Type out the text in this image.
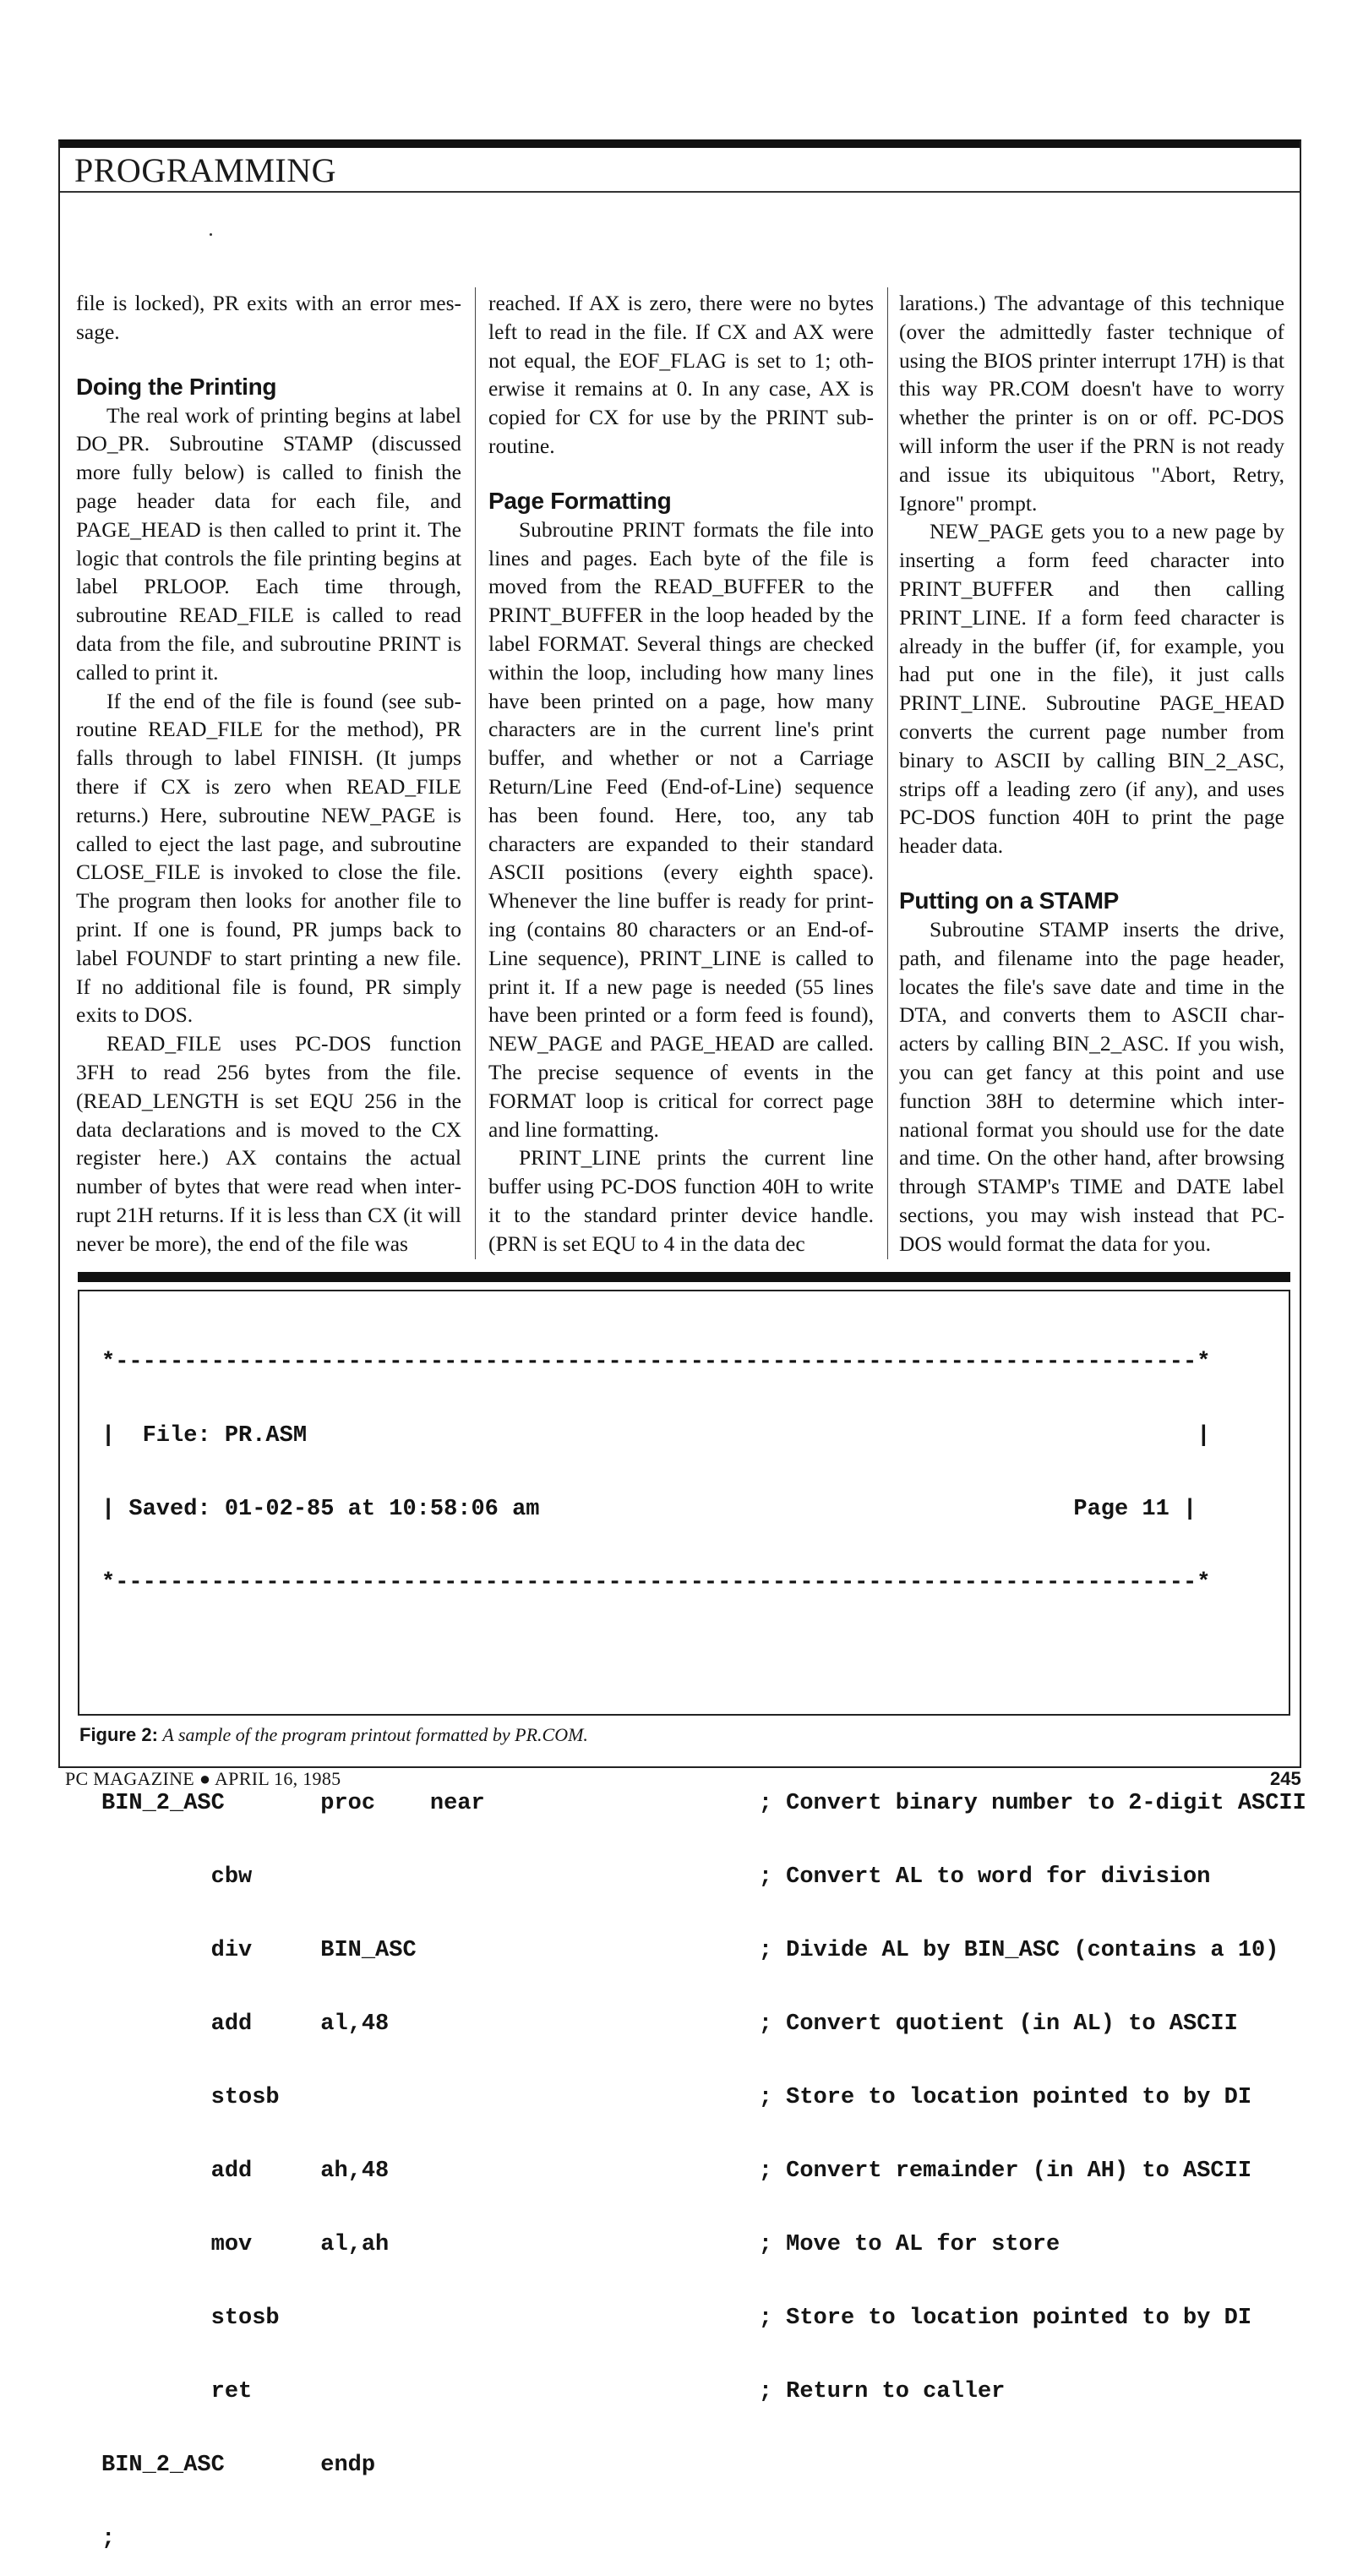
PROGRAMMING

file is locked), PR exits with an error message.

Doing the Printing

The real work of printing begins at label DO_PR. Subroutine STAMP (discussed more fully below) is called to finish the page header data for each file, and PAGE_HEAD is then called to print it. The logic that controls the file printing begins at label PRLOOP. Each time through, subroutine READ_FILE is called to read data from the file, and subroutine PRINT is called to print it.

If the end of the file is found (see subroutine READ_FILE for the method), PR falls through to label FINISH. (It jumps there if CX is zero when READ_FILE returns.) Here, subroutine NEW_PAGE is called to eject the last page, and subroutine CLOSE_FILE is invoked to close the file. The program then looks for another file to print. If one is found, PR jumps back to label FOUNDF to start printing a new file. If no additional file is found, PR simply exits to DOS.

READ_FILE uses PC-DOS function 3FH to read 256 bytes from the file. (READ_LENGTH is set EQU 256 in the data declarations and is moved to the CX register here.) AX contains the actual number of bytes that were read when interrupt 21H returns. If it is less than CX (it will never be more), the end of the file was

reached. If AX is zero, there were no bytes left to read in the file. If CX and AX were not equal, the EOF_FLAG is set to 1; otherwise it remains at 0. In any case, AX is copied for CX for use by the PRINT subroutine.

Page Formatting

Subroutine PRINT formats the file into lines and pages. Each byte of the file is moved from the READ_BUFFER to the PRINT_BUFFER in the loop headed by the label FORMAT. Several things are checked within the loop, including how many lines have been printed on a page, how many characters are in the current line's print buffer, and whether or not a Carriage Return/Line Feed (End-of-Line) sequence has been found. Here, too, any tab characters are expanded to their standard ASCII positions (every eighth space). Whenever the line buffer is ready for printing (contains 80 characters or an End-of-Line sequence), PRINT_LINE is called to print it. If a new page is needed (55 lines have been printed or a form feed is found), NEW_PAGE and PAGE_HEAD are called. The precise sequence of events in the FORMAT loop is critical for correct page and line formatting.

PRINT_LINE prints the current line buffer using PC-DOS function 40H to write it to the standard printer device handle. (PRN is set EQU to 4 in the data dec

larations.) The advantage of this technique (over the admittedly faster technique of using the BIOS printer interrupt 17H) is that this way PR.COM doesn't have to worry whether the printer is on or off. PC-DOS will inform the user if the PRN is not ready and issue its ubiquitous "Abort, Retry, Ignore" prompt.

NEW_PAGE gets you to a new page by inserting a form feed character into PRINT_BUFFER and then calling PRINT_LINE. If a form feed character is already in the buffer (if, for example, you had put one in the file), it just calls PRINT_LINE. Subroutine PAGE_HEAD converts the current page number from binary to ASCII by calling BIN_2_ASC, strips off a leading zero (if any), and uses PC-DOS function 40H to print the page header data.

Putting on a STAMP

Subroutine STAMP inserts the drive, path, and filename into the page header, locates the file's save date and time in the DTA, and converts them to ASCII characters by calling BIN_2_ASC. If you wish, you can get fancy at this point and use function 38H to determine which international format you should use for the date and time. On the other hand, after browsing through STAMP's TIME and DATE label sections, you may wish instead that PC-DOS would format the data for you.

*-------------------------------------------------------------------------------*

|  File: PR.ASM                                                                 |

| Saved: 01-02-85 at 10:58:06 am                                       Page 11 |

*-------------------------------------------------------------------------------*

BIN_2_ASC       proc    near                    ; Convert binary number to 2-digit ASCII

cbw                                     ; Convert AL to word for division

div     BIN_ASC                         ; Divide AL by BIN_ASC (contains a 10)

add     al,48                           ; Convert quotient (in AL) to ASCII

stosb                                   ; Store to location pointed to by DI

add     ah,48                           ; Convert remainder (in AH) to ASCII

mov     al,ah                           ; Move to AL for store

stosb                                   ; Store to location pointed to by DI

ret                                     ; Return to caller

BIN_2_ASC       endp

;

Figure 2: A sample of the program printout formatted by PR.COM.
PC MAGAZINE ● APRIL 16, 1985	245
